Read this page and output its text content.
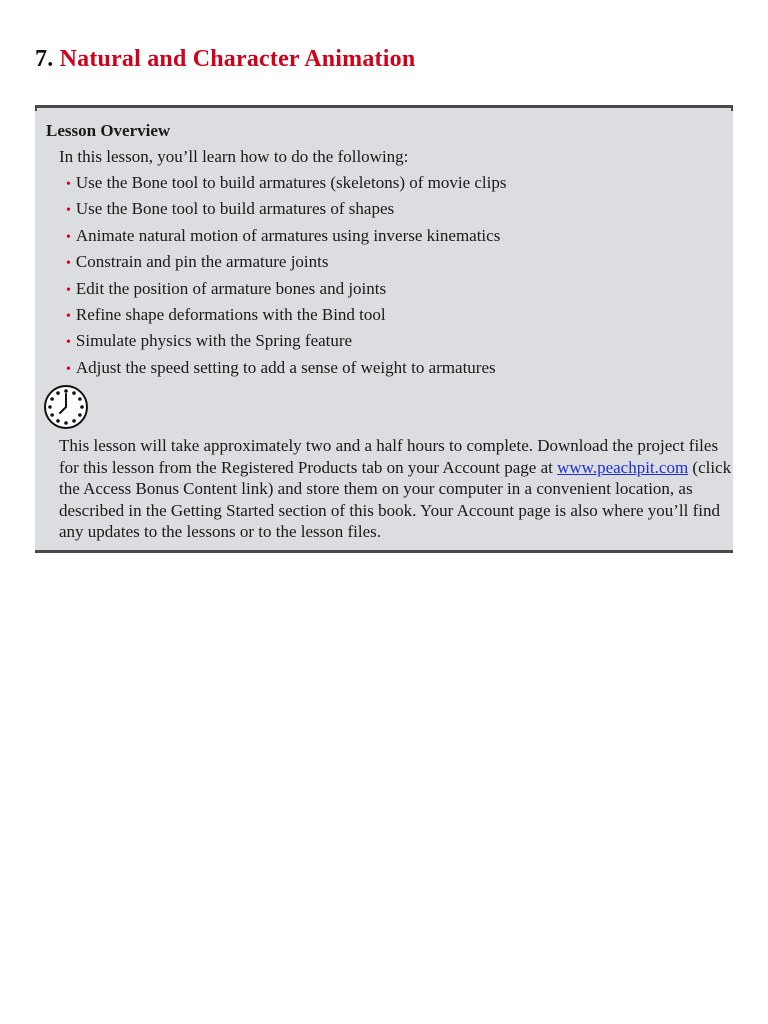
7. Natural and Character Animation
Lesson Overview

In this lesson, you’ll learn how to do the following:

• Use the Bone tool to build armatures (skeletons) of movie clips
• Use the Bone tool to build armatures of shapes
• Animate natural motion of armatures using inverse kinematics
• Constrain and pin the armature joints
• Edit the position of armature bones and joints
• Refine shape deformations with the Bind tool
• Simulate physics with the Spring feature
• Adjust the speed setting to add a sense of weight to armatures

This lesson will take approximately two and a half hours to complete. Download the project files for this lesson from the Registered Products tab on your Account page at www.peachpit.com (click the Access Bonus Content link) and store them on your computer in a convenient location, as described in the Getting Started section of this book. Your Account page is also where you’ll find any updates to the lessons or to the lesson files.
